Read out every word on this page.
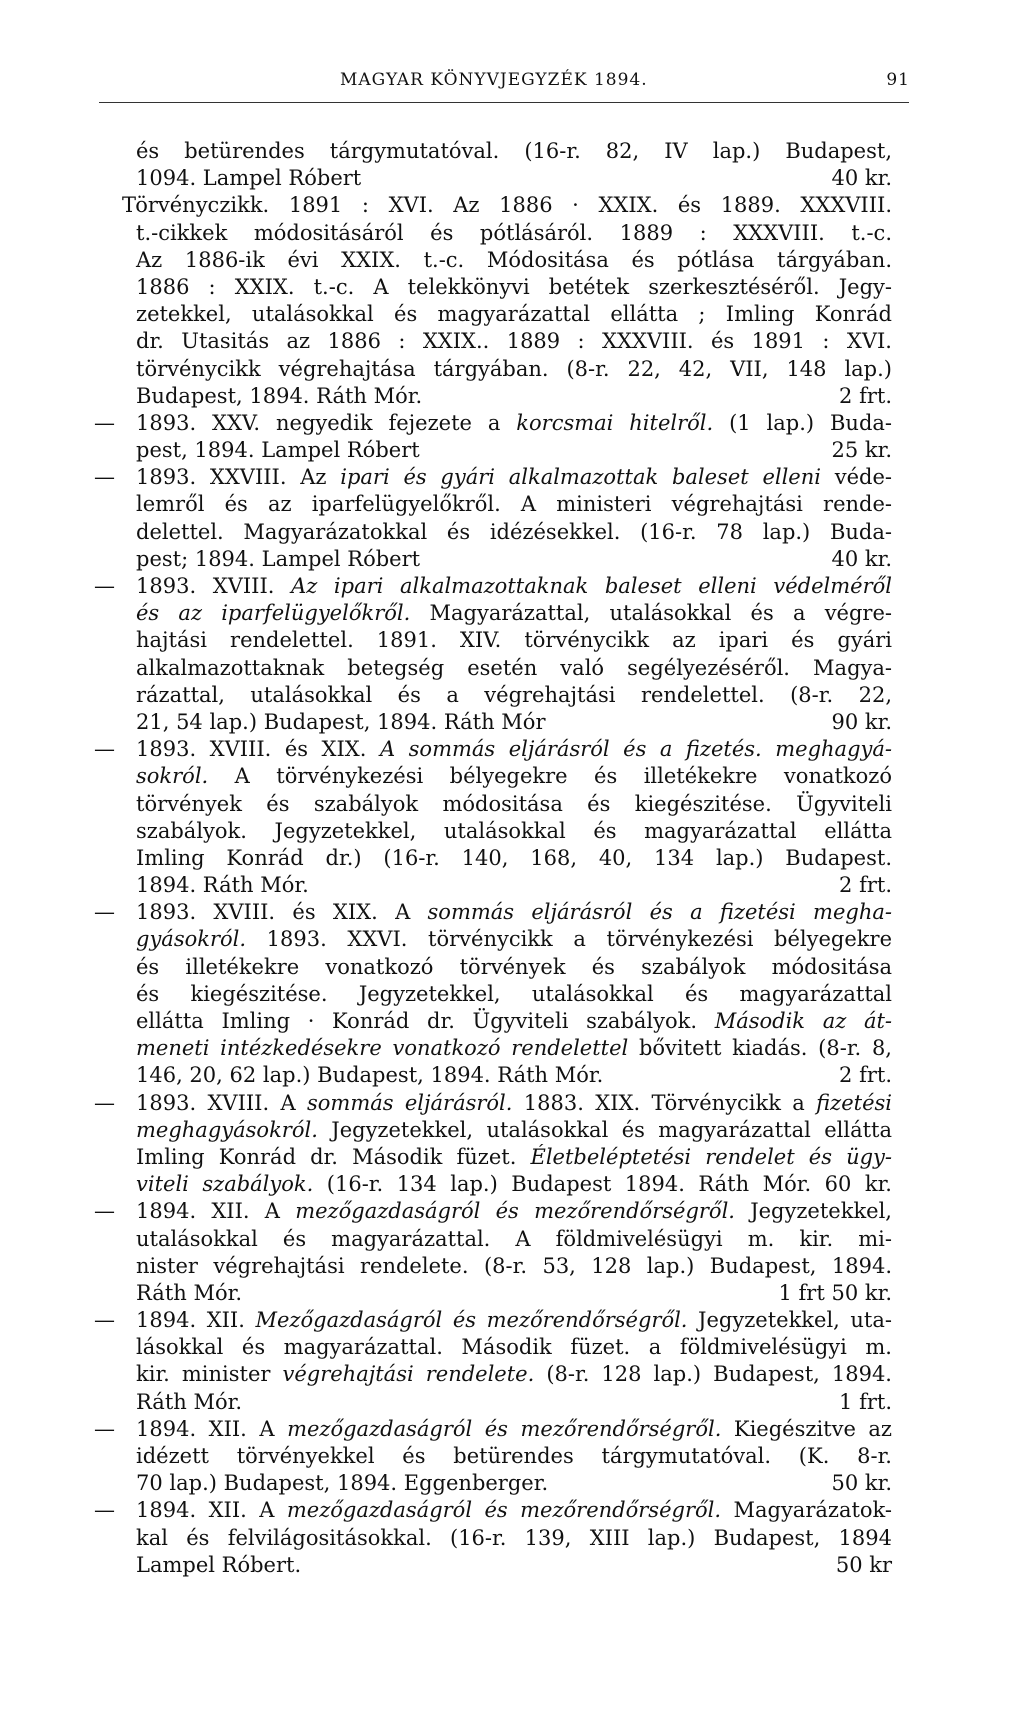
MAGYAR KÖNYVJEGYZÉK 1894.	91
és betürendes tárgymutatóval. (16-r. 82, IV lap.) Budapest,
1094. Lampel Róbert	40 kr.
Törvényczikk. 1891 : XVI. Az 1886 · XXIX. és 1889. XXXVIII.
t.-cikkek módositásáról és pótlásáról. 1889 : XXXVIII. t.-c.
Az 1886-ik évi XXIX. t.-c. Módositása és pótlása tárgyában.
1886 : XXIX. t.-c. A telekkönyvi betétek szerkesztéséről. Jegy-
zetekkel, utalásokkal és magyarázattal ellátta ; Imling Konrád
dr. Utasitás az 1886 : XXIX.. 1889 : XXXVIII. és 1891 : XVI.
törvénycikk végrehajtása tárgyában. (8-r. 22, 42, VII, 148 lap.)
Budapest, 1894. Ráth Mór.	2 frt.
— 1893. XXV. negyedik fejezete a korcsmai hitelről. (1 lap.) Buda-
pest, 1894. Lampel Róbert	25 kr.
— 1893. XXVIII. Az ipari és gyári alkalmazottak baleset elleni véde-
lemről és az iparfelügyelőkről. A ministeri végrehajtási rende-
delettel. Magyarázatokkal és idézésekkel. (16-r. 78 lap.) Buda-
pest; 1894. Lampel Róbert	40 kr.
— 1893. XVIII. Az ipari alkalmazottaknak baleset elleni védelméről
és az iparfelügyelőkről. Magyarázattal, utalásokkal és a végre-
hajtási rendelettel. 1891. XIV. törvénycikk az ipari és gyári
alkalmazottaknak betegség esetén való segélyezéséről. Magya-
rázattal, utalásokkal és a végrehajtási rendelettel. (8-r. 22,
21, 54 lap.) Budapest, 1894. Ráth Mór	90 kr.
— 1893. XVIII. és XIX. A sommás eljárásról és a fizetés. meghagyá-
sokról. A törvénykezési bélyegekre és illetékekre vonatkozó
törvények és szabályok módositása és kiegészitése. Ügyviteli
szabályok. Jegyzetekkel, utalásokkal és magyarázattal ellátta
Imling Konrád dr.) (16-r. 140, 168, 40, 134 lap.) Budapest.
1894. Ráth Mór.	2 frt.
— 1893. XVIII. és XIX. A sommás eljárásról és a fizetési megha-
gyásokról. 1893. XXVI. törvénycikk a törvénykezési bélyegekre
és illetékekre vonatkozó törvények és szabályok módositása
és kiegészitése. Jegyzetekkel, utalásokkal és magyarázattal
ellátta Imling · Konrád dr. Ügyviteli szabályok. Második az át-
meneti intézkedésekre vonatkozó rendelettel bővitett kiadás. (8-r. 8,
146, 20, 62 lap.) Budapest, 1894. Ráth Mór.	2 frt.
— 1893. XVIII. A sommás eljárásról. 1883. XIX. Törvénycikk a fizetési
meghagyásokról. Jegyzetekkel, utalásokkal és magyarázattal ellátta
Imling Konrád dr. Második füzet. Életbeléptetési rendelet és ügy-
viteli szabályok. (16-r. 134 lap.) Budapest 1894. Ráth Mór. 60 kr.
— 1894. XII. A mezőgazdaságról és mezőrendőrségről. Jegyzetekkel,
utalásokkal és magyarázattal. A földmivelésügyi m. kir. mi-
nister végrehajtási rendelete. (8-r. 53, 128 lap.) Budapest, 1894.
Ráth Mór.	1 frt 50 kr.
— 1894. XII. Mezőgazdaságról és mezőrendőrségről. Jegyzetekkel, uta-
lásokkal és magyarázattal. Második füzet. a földmivelésügyi m.
kir. minister végrehajtási rendelete. (8-r. 128 lap.) Budapest, 1894.
Ráth Mór.	1 frt.
— 1894. XII. A mezőgazdaságról és mezőrendőrségről. Kiegészitve az
idézett törvényekkel és betürendes tárgymutatóval. (K. 8-r.
70 lap.) Budapest, 1894. Eggenberger.	50 kr.
— 1894. XII. A mezőgazdaságról és mezőrendőrségről. Magyarázatok-
kal és felvilágositásokkal. (16-r. 139, XIII lap.) Budapest, 1894
Lampel Róbert.	50 kr
